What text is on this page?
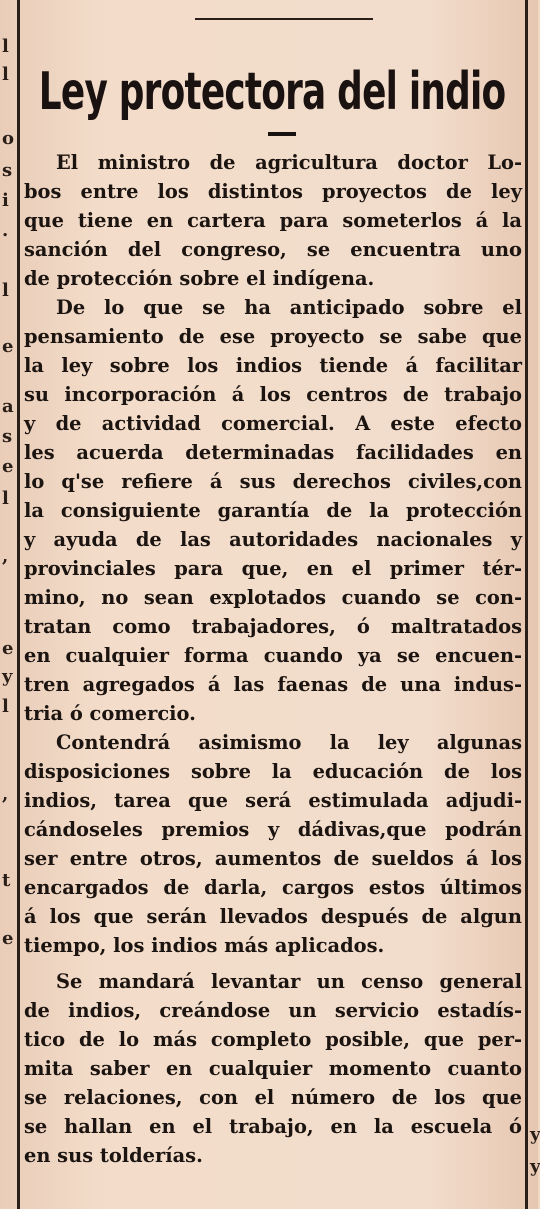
l
l
o
s
i
.
l
e
a
s
e
l
,
e
y
l
,
t
e
y
y
Ley protectora del indio
El ministro de agricultura doctor Lo-
bos entre los distintos proyectos de ley
que tiene en cartera para someterlos á la
sanción del congreso, se encuentra uno
de protección sobre el indígena.
De lo que se ha anticipado sobre el
pensamiento de ese proyecto se sabe que
la ley sobre los indios tiende á facilitar
su incorporación á los centros de trabajo
y de actividad comercial. A este efecto
les acuerda determinadas facilidades en
lo q'se refiere á sus derechos civiles,con
la consiguiente garantía de la protección
y ayuda de las autoridades nacionales y
provinciales para que, en el primer tér-
mino, no sean explotados cuando se con-
tratan como trabajadores, ó maltratados
en cualquier forma cuando ya se encuen-
tren agregados á las faenas de una indus-
tria ó comercio.
Contendrá asimismo la ley algunas
disposiciones sobre la educación de los
indios, tarea que será estimulada adjudi-
cándoseles premios y dádivas,que podrán
ser entre otros, aumentos de sueldos á los
encargados de darla, cargos estos últimos
á los que serán llevados después de algun
tiempo, los indios más aplicados.
Se mandará levantar un censo general
de indios, creándose un servicio estadís-
tico de lo más completo posible, que per-
mita saber en cualquier momento cuanto
se relaciones, con el número de los que
se hallan en el trabajo, en la escuela ó
en sus tolderías.
